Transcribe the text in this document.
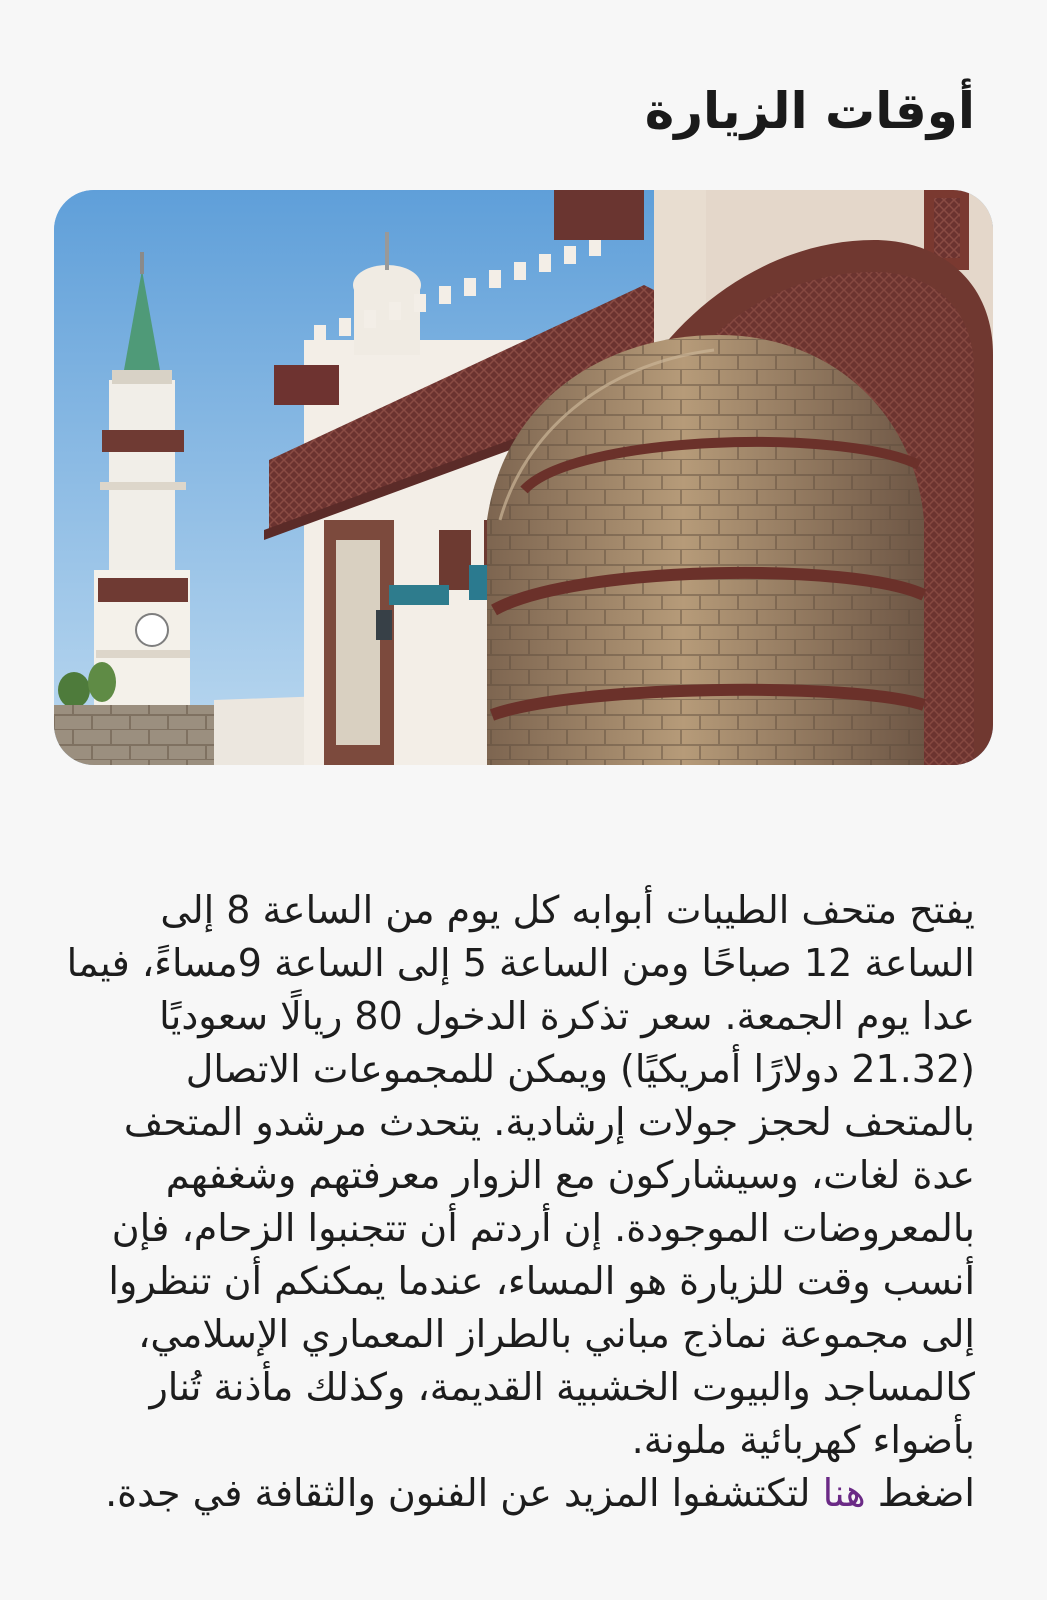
أوقات الزيارة

يفتح متحف الطيبات أبوابه كل يوم من الساعة 8 إلى الساعة 12 صباحًا ومن الساعة 5 إلى الساعة 9مساءً، فيما عدا يوم الجمعة. سعر تذكرة الدخول 80 ريالًا سعوديًا (21.32 دولارًا أمريكيًا) ويمكن للمجموعات الاتصال بالمتحف لحجز جولات إرشادية. يتحدث مرشدو المتحف عدة لغات، وسيشاركون مع الزوار معرفتهم وشغفهم بالمعروضات الموجودة. إن أردتم أن تتجنبوا الزحام، فإن أنسب وقت للزيارة هو المساء، عندما يمكنكم أن تنظروا إلى مجموعة نماذج مباني بالطراز المعماري الإسلامي، كالمساجد والبيوت الخشبية القديمة، وكذلك مأذنة تُنار بأضواء كهربائية ملونة.

اضغط هنا لتكتشفوا المزيد عن الفنون والثقافة في جدة.
